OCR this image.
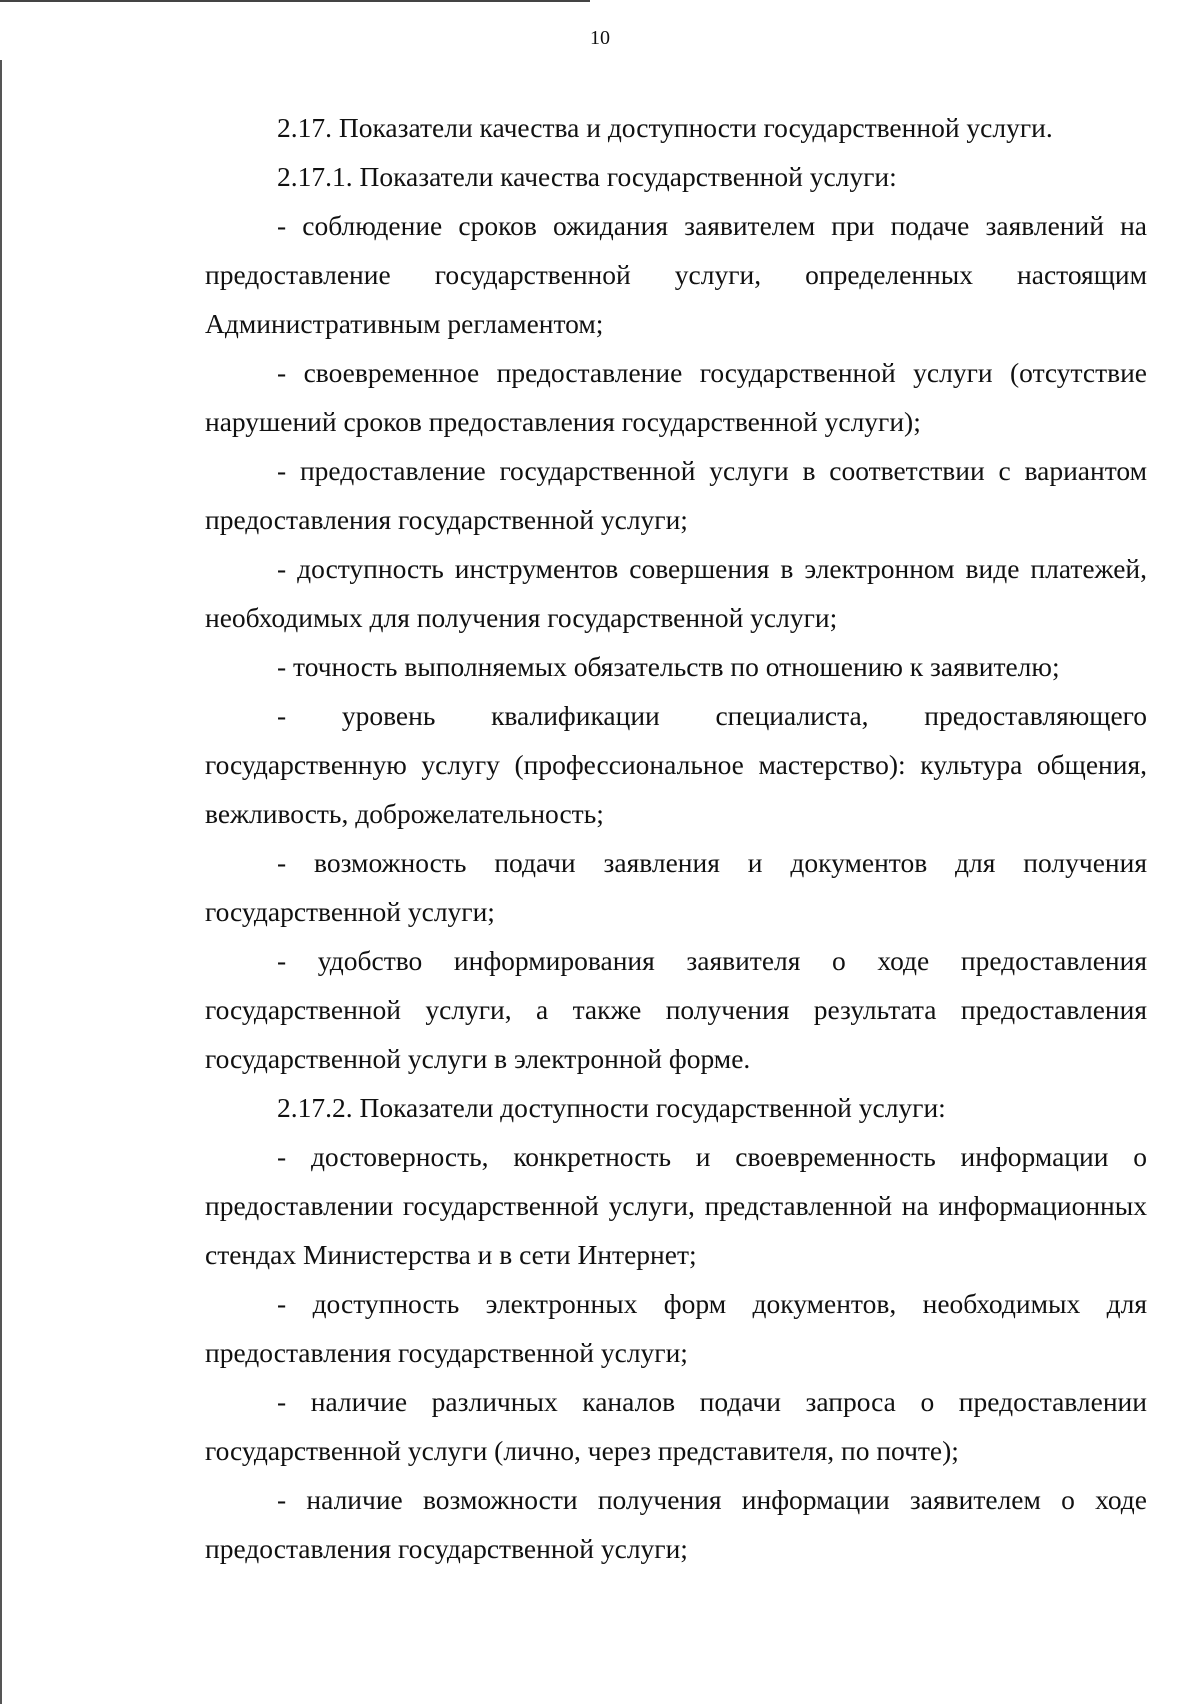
10

2.17. Показатели качества и доступности государственной услуги.

2.17.1. Показатели качества государственной услуги:

- соблюдение сроков ожидания заявителем при подаче заявлений на предоставление государственной услуги, определенных настоящим Административным регламентом;

- своевременное предоставление государственной услуги (отсутствие нарушений сроков предоставления государственной услуги);

- предоставление государственной услуги в соответствии с вариантом предоставления государственной услуги;

- доступность инструментов совершения в электронном виде платежей, необходимых для получения государственной услуги;

- точность выполняемых обязательств по отношению к заявителю;

- уровень квалификации специалиста, предоставляющего государственную услугу (профессиональное мастерство): культура общения, вежливость, доброжелательность;

- возможность подачи заявления и документов для получения государственной услуги;

- удобство информирования заявителя о ходе предоставления государственной услуги, а также получения результата предоставления государственной услуги в электронной форме.

2.17.2. Показатели доступности государственной услуги:

- достоверность, конкретность и своевременность информации о предоставлении государственной услуги, представленной на информационных стендах Министерства и в сети Интернет;

- доступность электронных форм документов, необходимых для предоставления государственной услуги;

- наличие различных каналов подачи запроса о предоставлении государственной услуги (лично, через представителя, по почте);

- наличие возможности получения информации заявителем о ходе предоставления государственной услуги;
